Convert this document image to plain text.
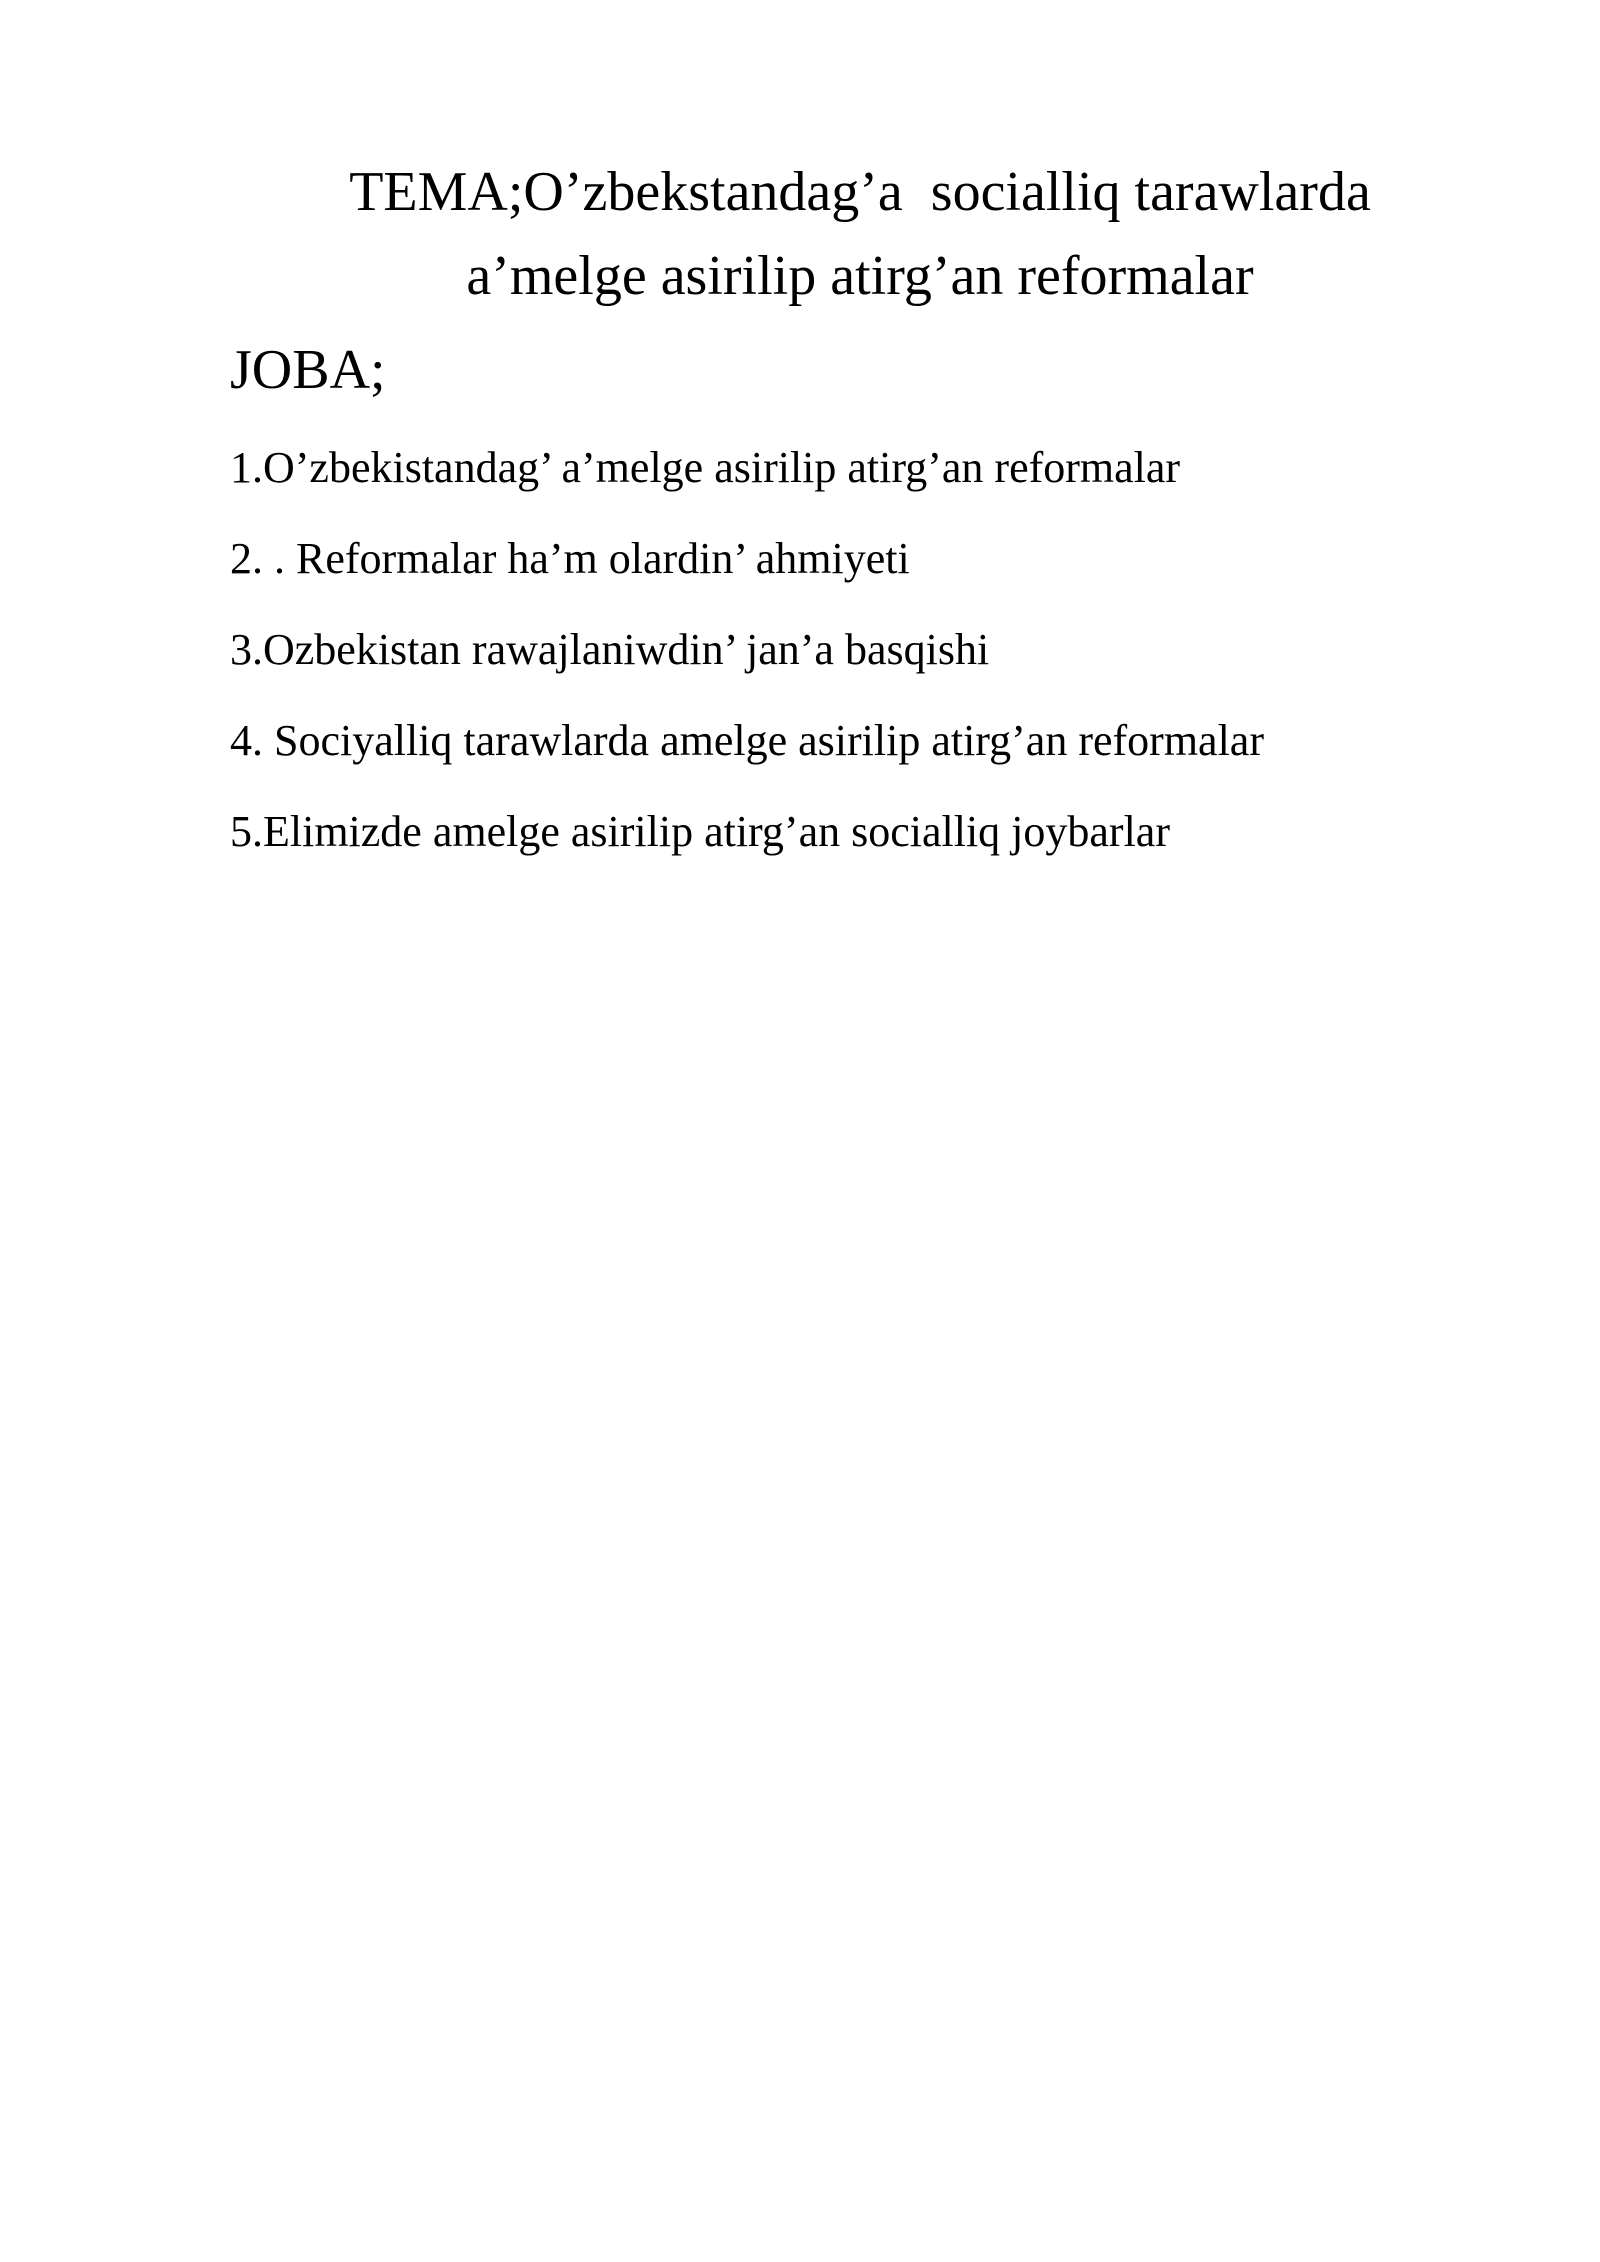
TEMA;O’zbekstandag’a  socialliq tarawlarda
a’melge asirilip atirg’an reformalar
JOBA;
1.O’zbekistandag’ a’melge asirilip atirg’an reformalar
2. . Reformalar ha’m olardin’ ahmiyeti
3.Ozbekistan rawajlaniwdin’ jan’a basqishi
4. Sociyalliq tarawlarda amelge asirilip atirg’an reformalar
5.Elimizde amelge asirilip atirg’an socialliq joybarlar
